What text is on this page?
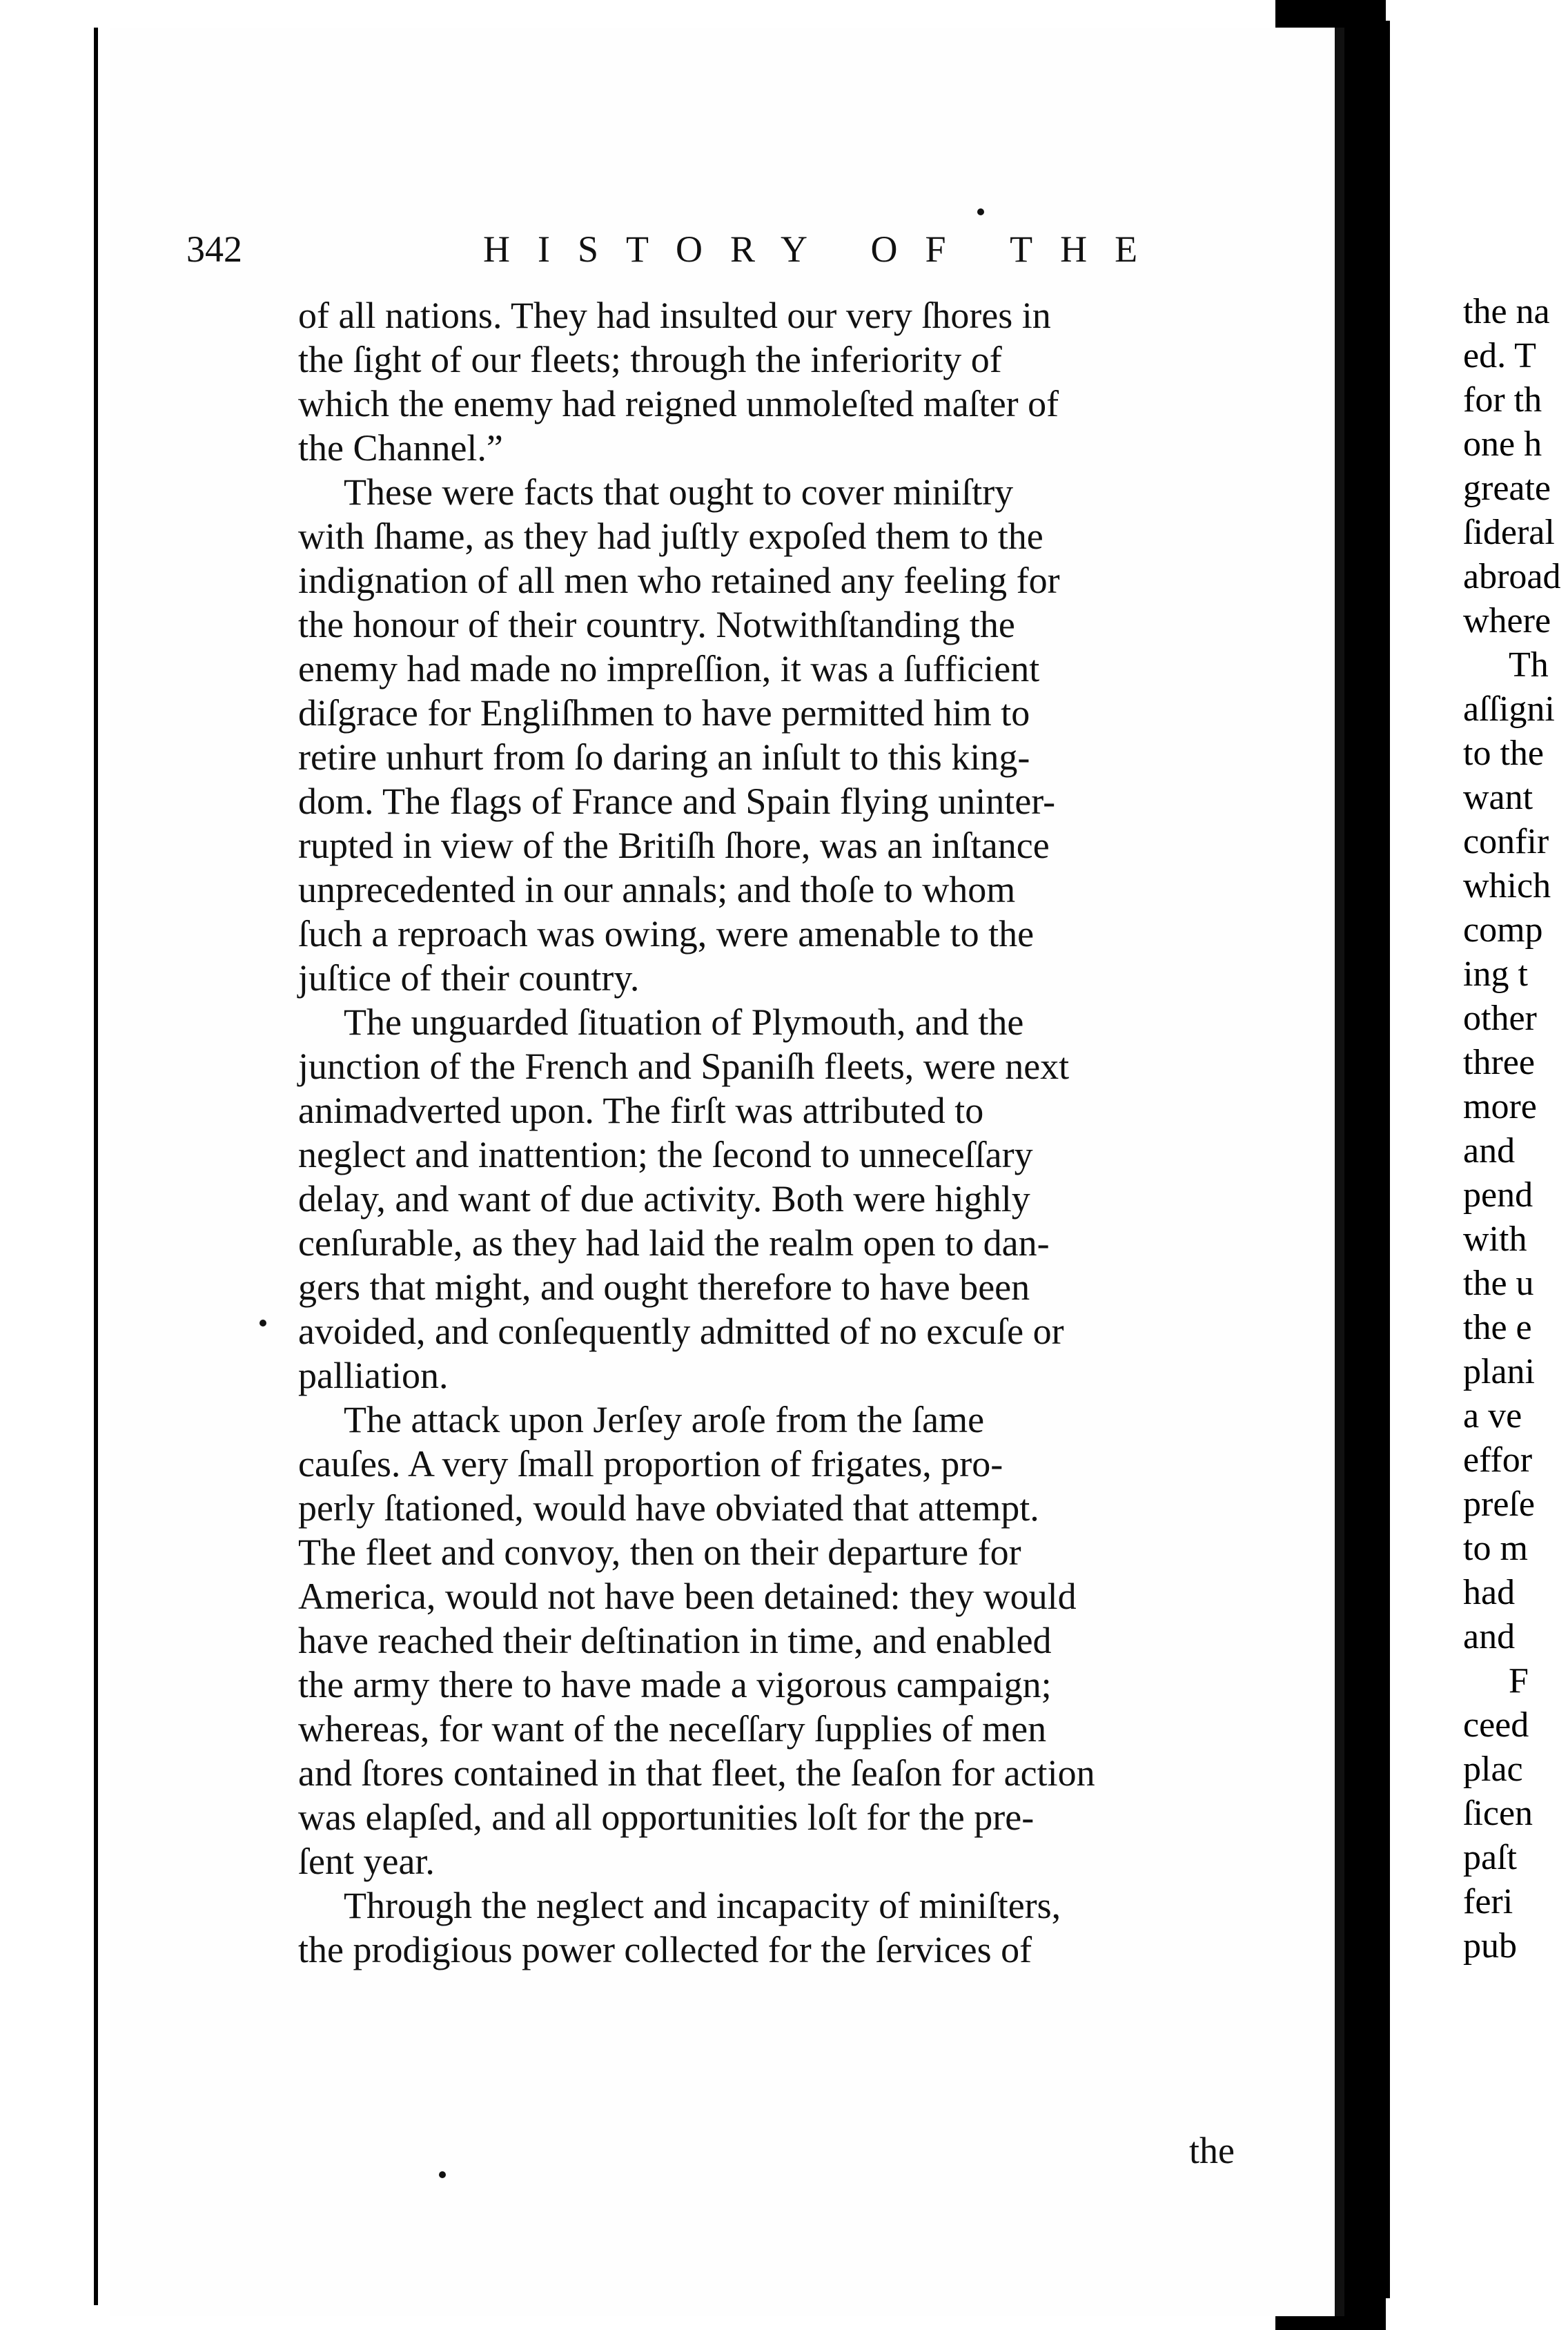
342	HISTORY OF THE

of all nations. They had insulted our very ſhores in

the ſight of our fleets; through the inferiority of

which the enemy had reigned unmoleſted maſter of

the Channel.”

These were facts that ought to cover miniſtry

with ſhame, as they had juſtly expoſed them to the

indignation of all men who retained any feeling for

the honour of their country. Notwithſtanding the

enemy had made no impreſſion, it was a ſufficient

diſgrace for Engliſhmen to have permitted him to

retire unhurt from ſo daring an inſult to this king-

dom. The flags of France and Spain flying uninter-

rupted in view of the Britiſh ſhore, was an inſtance

unprecedented in our annals; and thoſe to whom

ſuch a reproach was owing, were amenable to the

juſtice of their country.

The unguarded ſituation of Plymouth, and the

junction of the French and Spaniſh fleets, were next

animadverted upon. The firſt was attributed to

neglect and inattention; the ſecond to unneceſſary

delay, and want of due activity. Both were highly

cenſurable, as they had laid the realm open to dan-

gers that might, and ought therefore to have been

avoided, and conſequently admitted of no excuſe or

palliation.

The attack upon Jerſey aroſe from the ſame

cauſes. A very ſmall proportion of frigates, pro-

perly ſtationed, would have obviated that attempt.

The fleet and convoy, then on their departure for

America, would not have been detained: they would

have reached their deſtination in time, and enabled

the army there to have made a vigorous campaign;

whereas, for want of the neceſſary ſupplies of men

and ſtores contained in that fleet, the ſeaſon for action

was elapſed, and all opportunities loſt for the pre-

ſent year.

Through the neglect and incapacity of miniſters,

the prodigious power collected for the ſervices of

the

the na

ed. T

for th

one h

greate

ſideral

abroad

where

Th

aſſigni

to the

want

confir

which

comp

ing t

other

three

more

and

pend

with

the u

the e

plani

a ve

effor

preſe

to m

had

and

F

ceed

plac

ſicen

paſt

feri

pub
